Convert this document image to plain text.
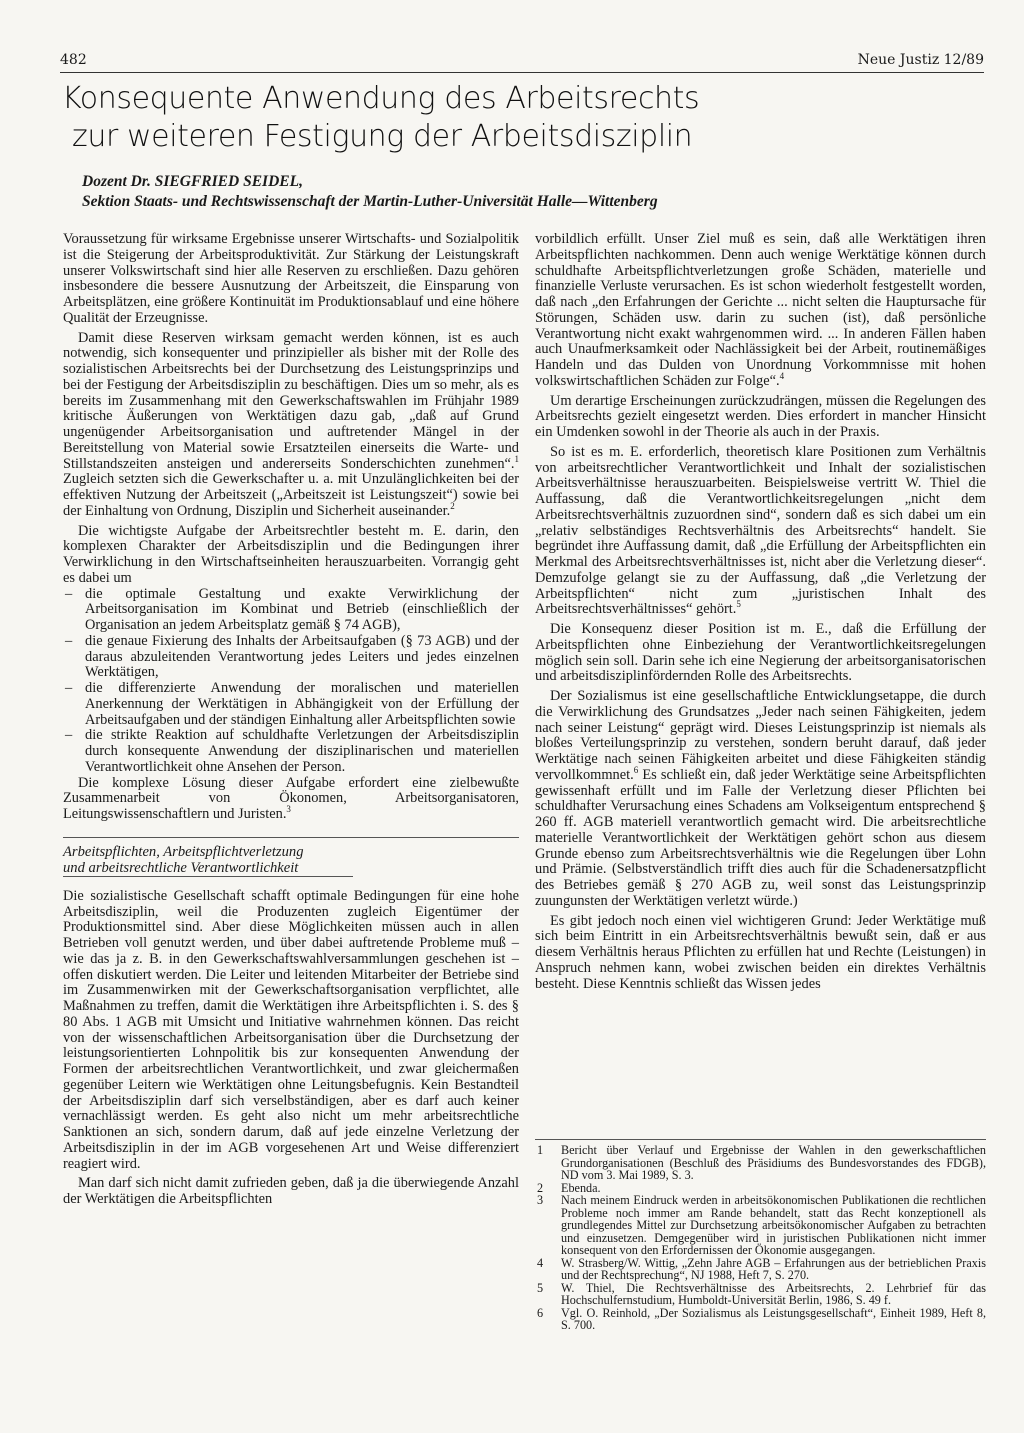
482	Neue Justiz 12/89
Konsequente Anwendung des Arbeitsrechts
zur weiteren Festigung der Arbeitsdisziplin
Dozent Dr. SIEGFRIED SEIDEL,
Sektion Staats- und Rechtswissenschaft der Martin-Luther-Universität Halle—Wittenberg

Voraussetzung für wirksame Ergebnisse unserer Wirtschafts- und Sozialpolitik ist die Steigerung der Arbeitsproduktivität. Zur Stärkung der Leistungskraft unserer Volkswirtschaft sind hier alle Reserven zu erschließen. Dazu gehören insbesondere die bessere Ausnutzung der Arbeitszeit, die Einsparung von Arbeitsplätzen, eine größere Kontinuität im Produktionsablauf und eine höhere Qualität der Erzeugnisse.

Damit diese Reserven wirksam gemacht werden können, ist es auch notwendig, sich konsequenter und prinzipieller als bisher mit der Rolle des sozialistischen Arbeitsrechts bei der Durchsetzung des Leistungsprinzips und bei der Festigung der Arbeitsdisziplin zu beschäftigen. Dies um so mehr, als es bereits im Zusammenhang mit den Gewerkschaftswahlen im Frühjahr 1989 kritische Äußerungen von Werktätigen dazu gab, „daß auf Grund ungenügender Arbeitsorganisation und auftretender Mängel in der Bereitstellung von Material sowie Ersatzteilen einerseits die Warte- und Stillstandszeiten ansteigen und andererseits Sonderschichten zunehmen“.$^1$ Zugleich setzten sich die Gewerkschafter u. a. mit Unzulänglichkeiten bei der effektiven Nutzung der Arbeitszeit („Arbeitszeit ist Leistungszeit“) sowie bei der Einhaltung von Ordnung, Disziplin und Sicherheit auseinander.$^2$

Die wichtigste Aufgabe der Arbeitsrechtler besteht m. E. darin, den komplexen Charakter der Arbeitsdisziplin und die Bedingungen ihrer Verwirklichung in den Wirtschaftseinheiten herauszuarbeiten. Vorrangig geht es dabei um

– die optimale Gestaltung und exakte Verwirklichung der Arbeitsorganisation im Kombinat und Betrieb (einschließlich der Organisation an jedem Arbeitsplatz gemäß § 74 AGB),
– die genaue Fixierung des Inhalts der Arbeitsaufgaben (§ 73 AGB) und der daraus abzuleitenden Verantwortung jedes Leiters und jedes einzelnen Werktätigen,
– die differenzierte Anwendung der moralischen und materiellen Anerkennung der Werktätigen in Abhängigkeit von der Erfüllung der Arbeitsaufgaben und der ständigen Einhaltung aller Arbeitspflichten sowie
– die strikte Reaktion auf schuldhafte Verletzungen der Arbeitsdisziplin durch konsequente Anwendung der disziplinarischen und materiellen Verantwortlichkeit ohne Ansehen der Person.

Die komplexe Lösung dieser Aufgabe erfordert eine zielbewußte Zusammenarbeit von Ökonomen, Arbeitsorganisatoren, Leitungswissenschaftlern und Juristen.$^3$

Arbeitspflichten, Arbeitspflichtverletzung
und arbeitsrechtliche Verantwortlichkeit

Die sozialistische Gesellschaft schafft optimale Bedingungen für eine hohe Arbeitsdisziplin, weil die Produzenten zugleich Eigentümer der Produktionsmittel sind. Aber diese Möglichkeiten müssen auch in allen Betrieben voll genutzt werden, und über dabei auftretende Probleme muß – wie das ja z. B. in den Gewerkschaftswahlversammlungen geschehen ist – offen diskutiert werden. Die Leiter und leitenden Mitarbeiter der Betriebe sind im Zusammenwirken mit der Gewerkschaftsorganisation verpflichtet, alle Maßnahmen zu treffen, damit die Werktätigen ihre Arbeitspflichten i. S. des § 80 Abs. 1 AGB mit Umsicht und Initiative wahrnehmen können. Das reicht von der wissenschaftlichen Arbeitsorganisation über die Durchsetzung der leistungsorientierten Lohnpolitik bis zur konsequenten Anwendung der Formen der arbeitsrechtlichen Verantwortlichkeit, und zwar gleichermaßen gegenüber Leitern wie Werktätigen ohne Leitungsbefugnis. Kein Bestandteil der Arbeitsdisziplin darf sich verselbständigen, aber es darf auch keiner vernachlässigt werden. Es geht also nicht um mehr arbeitsrechtliche Sanktionen an sich, sondern darum, daß auf jede einzelne Verletzung der Arbeitsdisziplin in der im AGB vorgesehenen Art und Weise differenziert reagiert wird.

Man darf sich nicht damit zufrieden geben, daß ja die überwiegende Anzahl der Werktätigen die Arbeitspflichten

vorbildlich erfüllt. Unser Ziel muß es sein, daß alle Werktätigen ihren Arbeitspflichten nachkommen. Denn auch wenige Werktätige können durch schuldhafte Arbeitspflichtverletzungen große Schäden, materielle und finanzielle Verluste verursachen. Es ist schon wiederholt festgestellt worden, daß nach „den Erfahrungen der Gerichte ... nicht selten die Hauptursache für Störungen, Schäden usw. darin zu suchen (ist), daß persönliche Verantwortung nicht exakt wahrgenommen wird. ... In anderen Fällen haben auch Unaufmerksamkeit oder Nachlässigkeit bei der Arbeit, routinemäßiges Handeln und das Dulden von Unordnung Vorkommnisse mit hohen volkswirtschaftlichen Schäden zur Folge“.$^4$

Um derartige Erscheinungen zurückzudrängen, müssen die Regelungen des Arbeitsrechts gezielt eingesetzt werden. Dies erfordert in mancher Hinsicht ein Umdenken sowohl in der Theorie als auch in der Praxis.

So ist es m. E. erforderlich, theoretisch klare Positionen zum Verhältnis von arbeitsrechtlicher Verantwortlichkeit und Inhalt der sozialistischen Arbeitsverhältnisse herauszuarbeiten. Beispielsweise vertritt W. Thiel die Auffassung, daß die Verantwortlichkeitsregelungen „nicht dem Arbeitsrechtsverhältnis zuzuordnen sind“, sondern daß es sich dabei um ein „relativ selbständiges Rechtsverhältnis des Arbeitsrechts“ handelt. Sie begründet ihre Auffassung damit, daß „die Erfüllung der Arbeitspflichten ein Merkmal des Arbeitsrechtsverhältnisses ist, nicht aber die Verletzung dieser“. Demzufolge gelangt sie zu der Auffassung, daß „die Verletzung der Arbeitspflichten“ nicht zum „juristischen Inhalt des Arbeitsrechtsverhältnisses“ gehört.$^5$

Die Konsequenz dieser Position ist m. E., daß die Erfüllung der Arbeitspflichten ohne Einbeziehung der Verantwortlichkeitsregelungen möglich sein soll. Darin sehe ich eine Negierung der arbeitsorganisatorischen und arbeitsdisziplinfördernden Rolle des Arbeitsrechts.

Der Sozialismus ist eine gesellschaftliche Entwicklungsetappe, die durch die Verwirklichung des Grundsatzes „Jeder nach seinen Fähigkeiten, jedem nach seiner Leistung“ geprägt wird. Dieses Leistungsprinzip ist niemals als bloßes Verteilungsprinzip zu verstehen, sondern beruht darauf, daß jeder Werktätige nach seinen Fähigkeiten arbeitet und diese Fähigkeiten ständig vervollkommnet.$^6$ Es schließt ein, daß jeder Werktätige seine Arbeitspflichten gewissenhaft erfüllt und im Falle der Verletzung dieser Pflichten bei schuldhafter Verursachung eines Schadens am Volkseigentum entsprechend § 260 ff. AGB materiell verantwortlich gemacht wird. Die arbeitsrechtliche materielle Verantwortlichkeit der Werktätigen gehört schon aus diesem Grunde ebenso zum Arbeitsrechtsverhältnis wie die Regelungen über Lohn und Prämie. (Selbstverständlich trifft dies auch für die Schadenersatzpflicht des Betriebes gemäß § 270 AGB zu, weil sonst das Leistungsprinzip zuungunsten der Werktätigen verletzt würde.)

Es gibt jedoch noch einen viel wichtigeren Grund: Jeder Werktätige muß sich beim Eintritt in ein Arbeitsrechtsverhältnis bewußt sein, daß er aus diesem Verhältnis heraus Pflichten zu erfüllen hat und Rechte (Leistungen) in Anspruch nehmen kann, wobei zwischen beiden ein direktes Verhältnis besteht. Diese Kenntnis schließt das Wissen jedes

1 Bericht über Verlauf und Ergebnisse der Wahlen in den gewerkschaftlichen Grundorganisationen (Beschluß des Präsidiums des Bundesvorstandes des FDGB), ND vom 3. Mai 1989, S. 3.
2 Ebenda.
3 Nach meinem Eindruck werden in arbeitsökonomischen Publikationen die rechtlichen Probleme noch immer am Rande behandelt, statt das Recht konzeptionell als grundlegendes Mittel zur Durchsetzung arbeitsökonomischer Aufgaben zu betrachten und einzusetzen. Demgegenüber wird in juristischen Publikationen nicht immer konsequent von den Erfordernissen der Ökonomie ausgegangen.
4 W. Strasberg/W. Wittig, „Zehn Jahre AGB – Erfahrungen aus der betrieblichen Praxis und der Rechtsprechung“, NJ 1988, Heft 7, S. 270.
5 W. Thiel, Die Rechtsverhältnisse des Arbeitsrechts, 2. Lehrbrief für das Hochschulfernstudium, Humboldt-Universität Berlin, 1986, S. 49 f.
6 Vgl. O. Reinhold, „Der Sozialismus als Leistungsgesellschaft“, Einheit 1989, Heft 8, S. 700.
